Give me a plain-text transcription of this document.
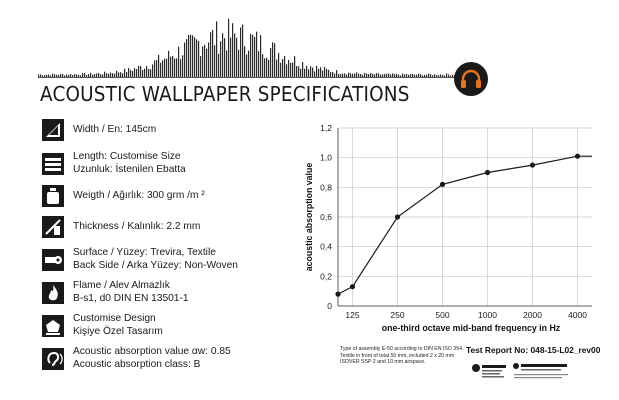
ACOUSTIC WALLPAPER SPECIFICATIONS
Width / En: 145cm
Length: Customise Size
Uzunluk: İstenilen Ebatta
Weigth / Ağırlık: 300 grm /m ²
Thickness / Kalınlık: 2.2 mm
Surface / Yüzey: Trevira, Textile
Back Side / Arka Yüzey: Non-Woven
Flame / Alev Almazlık
B-s1, d0 DIN EN 13501-1
Customise Design
Kişiye Özel Tasarım
Acoustic absorption value αw: 0.85
Acoustic absorption class: B
0
0,2
0,4
0,6
0,8
1,0
1,2
125	250	500	1000	2000	4000
one-third octave mid-band frequency in Hz
acoustic absorption value
Type of assembly E-50 according to DIN EN ISO 354. Textile in front of total 50 mm, included 2 x 20 mm ISOVER SSP 2 and 10 mm airspace.
Test Report No: 048-15-L02_rev00
